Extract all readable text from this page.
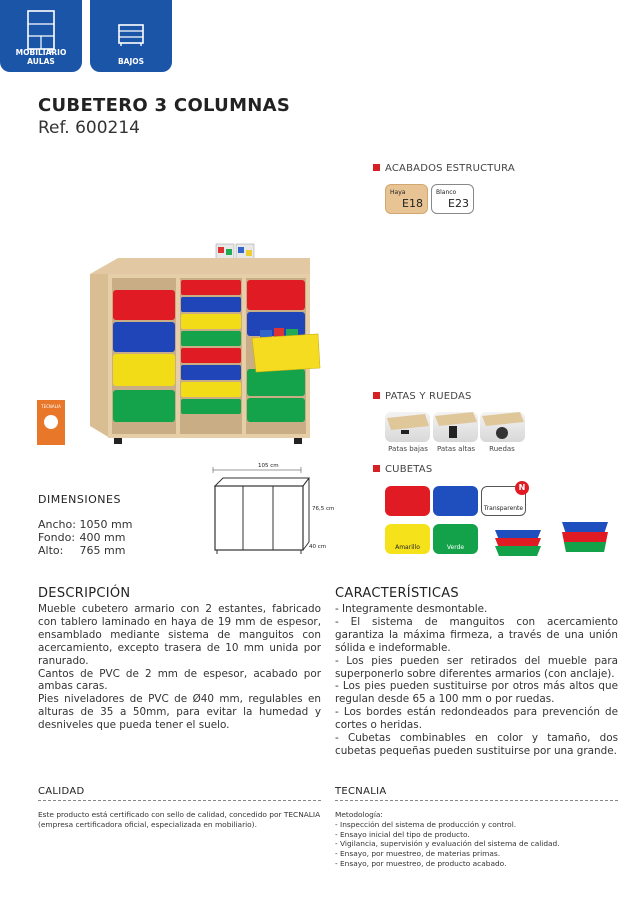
MOBILIARIO AULAS	BAJOS
CUBETERO 3 COLUMNAS
Ref. 600214
TECNALIA
ACABADOS ESTRUCTURA
Haya
E18
Blanco
E23
PATAS Y RUEDAS
Patas bajas	Patas altas	Ruedas
CUBETAS
Transparente
N
Amarillo	Verde
105 cm
76,5 cm
40 cm
DIMENSIONES
Ancho: 1050 mm
Fondo: 400 mm
Alto: 765 mm
DESCRIPCIÓN

Mueble cubetero armario con 2 estantes, fabricado con tablero laminado en haya de 19 mm de espesor, ensamblado mediante sistema de manguitos con acercamiento, excepto trasera de 10 mm unida por ranurado.

Cantos de PVC de 2 mm de espesor, acabado por ambas caras.

Pies niveladores de PVC de Ø40 mm, regulables en alturas de 35 a 50mm, para evitar la humedad y desniveles que pueda tener el suelo.

CARACTERÍSTICAS

- Integramente desmontable.

- El sistema de manguitos con acercamiento garantiza la máxima firmeza, a través de una unión sólida e indeformable.

- Los pies pueden ser retirados del mueble para superponerlo sobre diferentes armarios (con anclaje).

- Los pies pueden sustituirse por otros más altos que regulan desde 65 a 100 mm o por ruedas.

- Los bordes están redondeados para prevención de cortes o heridas.

- Cubetas combinables en color y tamaño, dos cubetas pequeñas pueden sustituirse por una grande.

CALIDAD
Este producto está certificado con sello de calidad, concedido por TECNALIA (empresa certificadora oficial, especializada en mobiliario).
TECNALIA
Metodología:
- Inspección del sistema de producción y control.
- Ensayo inicial del tipo de producto.
- Vigilancia, supervisión y evaluación del sistema de calidad.
- Ensayo, por muestreo, de materias primas.
- Ensayo, por muestreo, de producto acabado.
